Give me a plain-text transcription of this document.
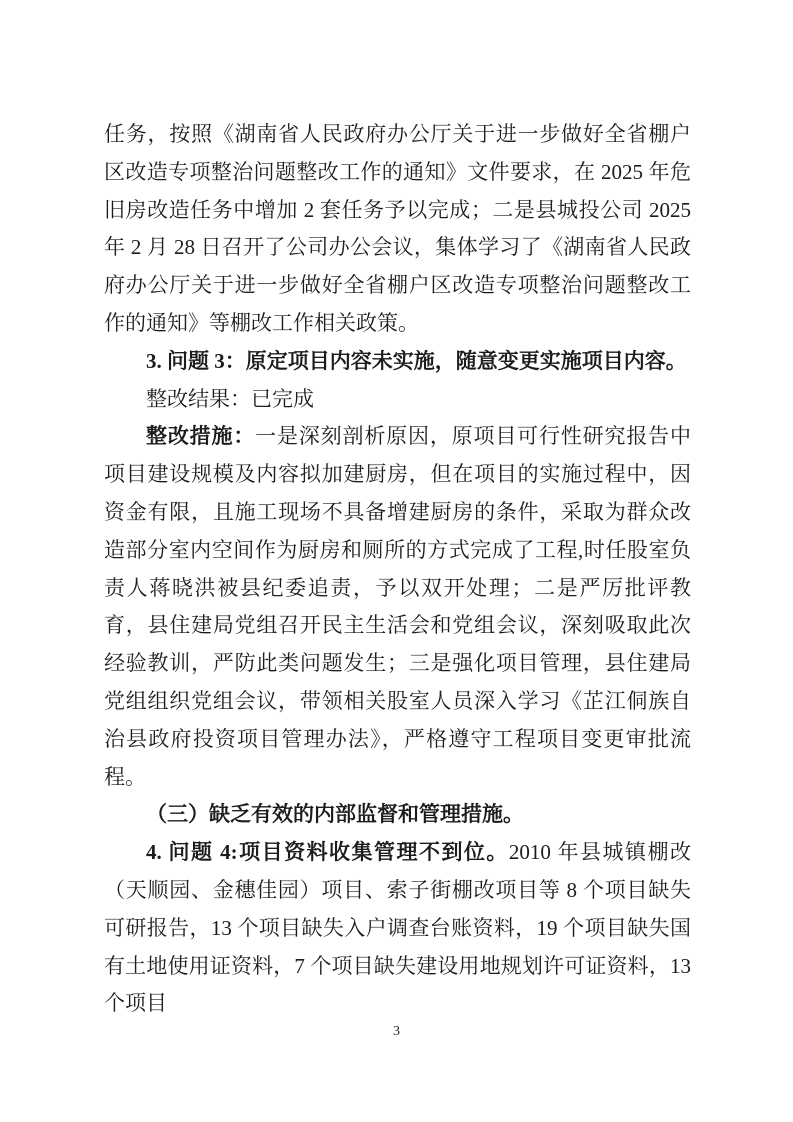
任务，按照《湖南省人民政府办公厅关于进一步做好全省棚户区改造专项整治问题整改工作的通知》文件要求，在 2025 年危旧房改造任务中增加 2 套任务予以完成；二是县城投公司 2025 年 2 月 28 日召开了公司办公会议，集体学习了《湖南省人民政府办公厅关于进一步做好全省棚户区改造专项整治问题整改工作的通知》等棚改工作相关政策。

3. 问题 3：原定项目内容未实施，随意变更实施项目内容。

整改结果：已完成

整改措施：一是深刻剖析原因，原项目可行性研究报告中项目建设规模及内容拟加建厨房，但在项目的实施过程中，因资金有限，且施工现场不具备增建厨房的条件，采取为群众改造部分室内空间作为厨房和厕所的方式完成了工程,时任股室负责人蒋晓洪被县纪委追责，予以双开处理；二是严厉批评教育，县住建局党组召开民主生活会和党组会议，深刻吸取此次经验教训，严防此类问题发生；三是强化项目管理，县住建局党组组织党组会议，带领相关股室人员深入学习《芷江侗族自治县政府投资项目管理办法》，严格遵守工程项目变更审批流程。

（三）缺乏有效的内部监督和管理措施。

4. 问题 4:项目资料收集管理不到位。2010 年县城镇棚改（天顺园、金穗佳园）项目、索子街棚改项目等 8 个项目缺失可研报告，13 个项目缺失入户调查台账资料，19 个项目缺失国有土地使用证资料，7 个项目缺失建设用地规划许可证资料，13 个项目

3
